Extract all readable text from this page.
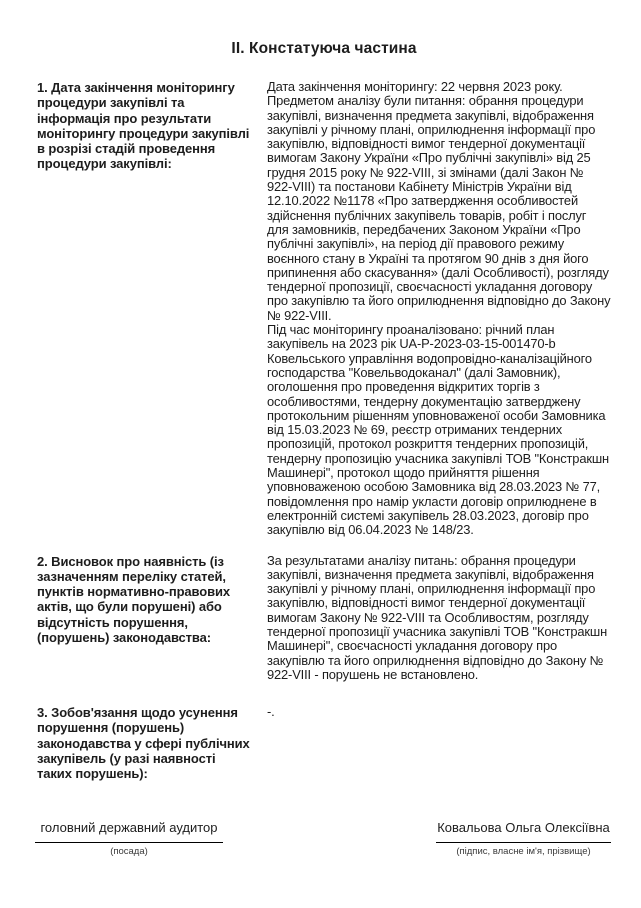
ІІ. Констатуюча частина
1. Дата закінчення моніторингу процедури закупівлі та інформація про результати моніторингу процедури закупівлі в розрізі стадій проведення процедури закупівлі:

Дата закінчення моніторингу: 22 червня 2023 року. Предметом аналізу були питання: обрання процедури закупівлі, визначення предмета закупівлі, відображення закупівлі у річному плані, оприлюднення інформації про закупівлю, відповідності вимог тендерної документації вимогам Закону України «Про публічні закупівлі» від 25 грудня 2015 року № 922-VIII, зі змінами (далі Закон № 922-VIII) та постанови Кабінету Міністрів України від 12.10.2022 №1178 «Про затвердження особливостей здійснення публічних закупівель товарів, робіт і послуг для замовників, передбачених Законом України «Про публічні закупівлі», на період дії правового режиму воєнного стану в Україні та протягом 90 днів з дня його припинення або скасування» (далі Особливості), розгляду тендерної пропозиції, своєчасності укладання договору про закупівлю та його оприлюднення відповідно до Закону № 922-VIII.

Під час моніторингу проаналізовано: річний план закупівель на 2023 рік UA-P-2023-03-15-001470-b Ковельського управління водопровідно-каналізаційного господарства "Ковельводоканал" (далі Замовник), оголошення про проведення відкритих торгів з особливостями, тендерну документацію затверджену протокольним рішенням уповноваженої особи Замовника від 15.03.2023 № 69, реєстр отриманих тендерних пропозицій, протокол розкриття тендерних пропозицій, тендерну пропозицію учасника закупівлі ТОВ "Констракшн Машинері", протокол щодо прийняття рішення уповноваженою особою Замовника від 28.03.2023 № 77, повідомлення про намір укласти договір оприлюднене в електронній системі закупівель 28.03.2023, договір про закупівлю від 06.04.2023 № 148/23.

2. Висновок про наявність (із зазначенням переліку статей, пунктів нормативно-правових актів, що були порушені) або відсутність порушення, (порушень) законодавства:

За результатами аналізу питань: обрання процедури закупівлі, визначення предмета закупівлі, відображення закупівлі у річному плані, оприлюднення інформації про закупівлю, відповідності вимог тендерної документації вимогам Закону № 922-VIII та Особливостям, розгляду тендерної пропозиції учасника закупівлі ТОВ "Констракшн Машинері", своєчасності укладання договору про закупівлю та його оприлюднення відповідно до Закону № 922-VIII - порушень не встановлено.

3. Зобов'язання щодо усунення порушення (порушень) законодавства у сфері публічних закупівель (у разі наявності таких порушень):

-.

головний державний аудитор
(посада)
Ковальова Ольга Олексіївна
(підпис, власне ім'я, прізвище)
